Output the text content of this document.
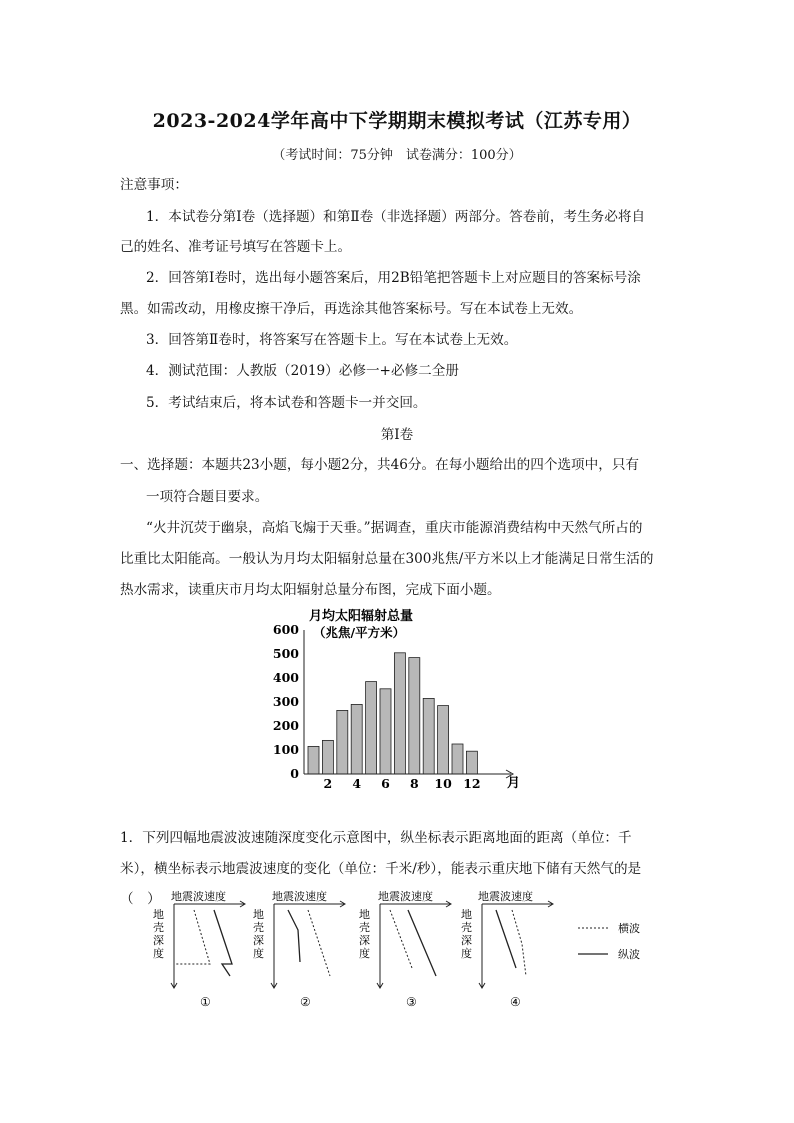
2023-2024学年高中下学期期末模拟考试（江苏专用）
（考试时间：75分钟　试卷满分：100分）
注意事项：
1．本试卷分第Ⅰ卷（选择题）和第Ⅱ卷（非选择题）两部分。答卷前，考生务必将自
己的姓名、准考证号填写在答题卡上。
2．回答第Ⅰ卷时，选出每小题答案后，用2B铅笔把答题卡上对应题目的答案标号涂
黑。如需改动，用橡皮擦干净后，再选涂其他答案标号。写在本试卷上无效。
3．回答第Ⅱ卷时，将答案写在答题卡上。写在本试卷上无效。
4．测试范围：人教版（2019）必修一+必修二全册
5．考试结束后，将本试卷和答题卡一并交回。
第Ⅰ卷
一、选择题：本题共23小题，每小题2分，共46分。在每小题给出的四个选项中，只有
一项符合题目要求。
“火井沉荧于幽泉，高焰飞煽于天垂。”据调查，重庆市能源消费结构中天然气所占的
比重比太阳能高。一般认为月均太阳辐射总量在300兆焦/平方米以上才能满足日常生活的
热水需求，读重庆市月均太阳辐射总量分布图，完成下面小题。
月均太阳辐射总量
（兆焦/平方米）
0
100
200
300
400
500
600
2 4 6 8 10 12 月
1．下列四幅地震波波速随深度变化示意图中，纵坐标表示距离地面的距离（单位：千
米），横坐标表示地震波速度的变化（单位：千米/秒），能表示重庆地下储有天然气的是
（　） 地震波速度
地 壳 深 度
①
地震波速度
地 壳 深 度
②
地震波速度
地 壳 深 度
③
地震波速度
地 壳 深 度
④
横波
纵波
